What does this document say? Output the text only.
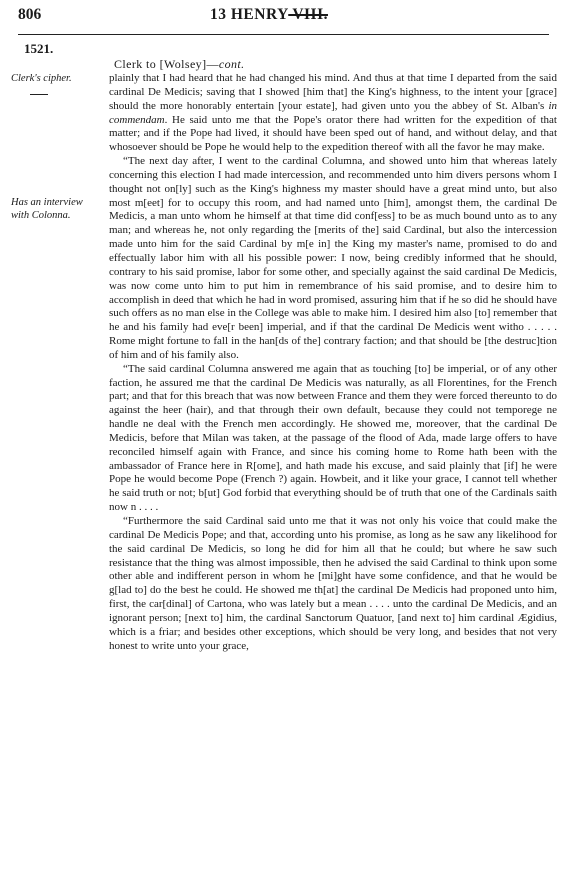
806	13 HENRY VIII.
1521.
Clerk's cipher.
Has an interview with Colonna.
Clerk to [Wolsey]—cont.

plainly that I had heard that he had changed his mind. And thus at that time I departed from the said cardinal De Medicis; saving that I showed [him that] the King's highness, to the intent your [grace] should the more honorably entertain [your estate], had given unto you the abbey of St. Alban's in commendam. He said unto me that the Pope's orator there had written for the expedition of that matter; and if the Pope had lived, it should have been sped out of hand, and without delay, and that whosoever should be Pope he would help to the expedition thereof with all the favor he may make.

“The next day after, I went to the cardinal Columna, and showed unto him that whereas lately concerning this election I had made intercession, and recommended unto him divers persons whom I thought not on[ly] such as the King's highness my master should have a great mind unto, but also most m[eet] for to occupy this room, and had named unto [him], amongst them, the cardinal De Medicis, a man unto whom he himself at that time did conf[ess] to be as much bound unto as to any man; and whereas he, not only regarding the [merits of the] said Cardinal, but also the intercession made unto him for the said Cardinal by m[e in] the King my master's name, promised to do and effectually labor him with all his possible power: I now, being credibly informed that he should, contrary to his said promise, labor for some other, and specially against the said cardinal De Medicis, was now come unto him to put him in remembrance of his said promise, and to desire him to accomplish in deed that which he had in word promised, assuring him that if he so did he should have such offers as no man else in the College was able to make him. I desired him also [to] remember that he and his family had eve[r been] imperial, and if that the cardinal De Medicis went witho . . . . . Rome might fortune to fall in the han[ds of the] contrary faction; and that should be [the destruc]tion of him and of his family also.

“The said cardinal Columna answered me again that as touching [to] be imperial, or of any other faction, he assured me that the cardinal De Medicis was naturally, as all Florentines, for the French part; and that for this breach that was now between France and them they were forced thereunto to do against the heer (hair), and that through their own default, because they could not temporege ne handle ne deal with the French men accordingly. He showed me, moreover, that the cardinal De Medicis, before that Milan was taken, at the passage of the flood of Ada, made large offers to have reconciled himself again with France, and since his coming home to Rome hath been with the ambassador of France here in R[ome], and hath made his excuse, and said plainly that [if] he were Pope he would become Pope (French ?) again. Howbeit, and it like your grace, I cannot tell whether he said truth or not; b[ut] God forbid that everything should be of truth that one of the Cardinals saith now n . . . .

“Furthermore the said Cardinal said unto me that it was not only his voice that could make the cardinal De Medicis Pope; and that, according unto his promise, as long as he saw any likelihood for the said cardinal De Medicis, so long he did for him all that he could; but where he saw such resistance that the thing was almost impossible, then he advised the said Cardinal to think upon some other able and indifferent person in whom he [mi]ght have some confidence, and that he would be g[lad to] do the best he could. He showed me th[at] the cardinal De Medicis had proponed unto him, first, the car[dinal] of Cartona, who was lately but a mean . . . . unto the cardinal De Medicis, and an ignorant person; [next to] him, the cardinal Sanctorum Quatuor, [and next to] him cardinal Ægidius, which is a friar; and besides other exceptions, which should be very long, and besides that not very honest to write unto your grace,
